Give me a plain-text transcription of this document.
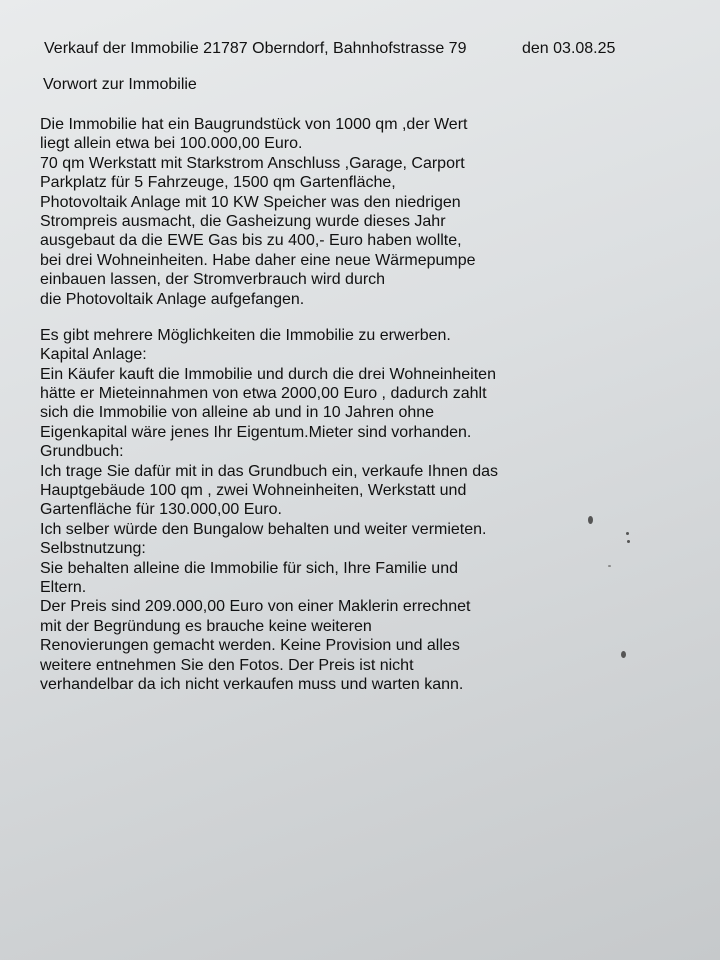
Verkauf der Immobilie 21787 Oberndorf, Bahnhofstrasse 79	den 03.08.25
Vorwort zur Immobilie
Die Immobilie hat ein Baugrundstück von 1000 qm ,der Wert
liegt allein etwa bei 100.000,00 Euro.
70 qm Werkstatt mit Starkstrom Anschluss ,Garage, Carport
Parkplatz für 5 Fahrzeuge, 1500 qm Gartenfläche,
Photovoltaik Anlage mit 10 KW Speicher was den niedrigen
Strompreis ausmacht, die Gasheizung wurde dieses Jahr
ausgebaut da die EWE Gas bis zu 400,- Euro haben wollte,
bei drei Wohneinheiten. Habe daher eine neue Wärmepumpe
einbauen lassen, der Stromverbrauch wird durch
die Photovoltaik Anlage aufgefangen.
Es gibt mehrere Möglichkeiten die Immobilie zu erwerben.
Kapital Anlage:
Ein Käufer kauft die Immobilie und durch die drei Wohneinheiten
hätte er Mieteinnahmen von etwa 2000,00 Euro , dadurch zahlt
sich die Immobilie von alleine ab und in 10 Jahren ohne
Eigenkapital wäre jenes Ihr Eigentum.Mieter sind vorhanden.
Grundbuch:
Ich trage Sie dafür mit in das Grundbuch ein, verkaufe Ihnen das
Hauptgebäude 100 qm , zwei Wohneinheiten, Werkstatt und
Gartenfläche für 130.000,00 Euro.
Ich selber würde den Bungalow behalten und weiter vermieten.
Selbstnutzung:
Sie behalten alleine die Immobilie für sich, Ihre Familie und
Eltern.
Der Preis sind 209.000,00 Euro von einer Maklerin errechnet
mit der Begründung es brauche keine weiteren
Renovierungen gemacht werden. Keine Provision und alles
weitere entnehmen Sie den Fotos. Der Preis ist nicht
verhandelbar da ich nicht verkaufen muss und warten kann.
